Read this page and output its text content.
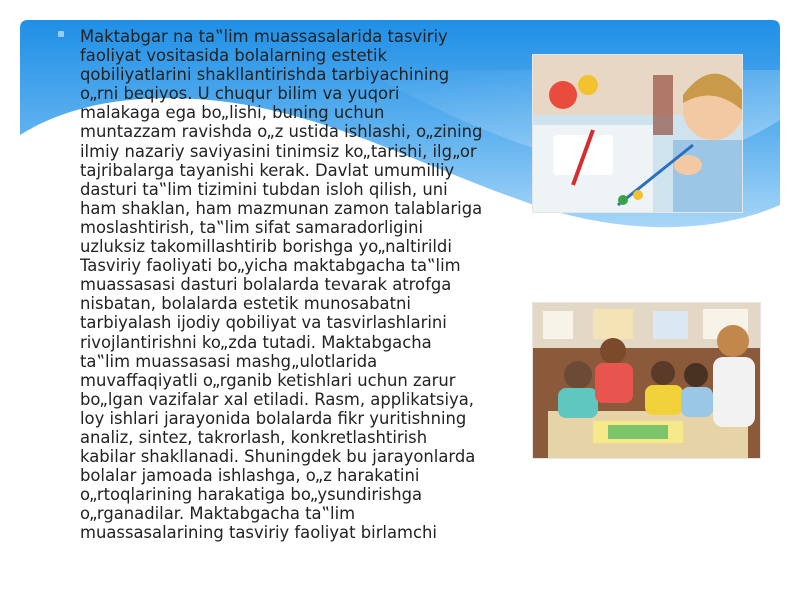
Maktabgar na ta‟lim muassasalarida tasviriy
faoliyat vositasida bolalarning estetik
qobiliyatlarini shakllantirishda tarbiyachining
o„rni beqiyos. U chuqur bilim va yuqori
malakaga ega bo„lishi, buning uchun
muntazzam ravishda o„z ustida ishlashi, o„zining
ilmiy nazariy saviyasini tinimsiz ko„tarishi, ilg„or
tajribalarga tayanishi kerak. Davlat umumilliy
dasturi ta‟lim tizimini tubdan isloh qilish, uni
ham shaklan, ham mazmunan zamon talablariga
moslashtirish, ta‟lim sifat samaradorligini
uzluksiz takomillashtirib borishga yo„naltirildi
Tasviriy faoliyati bo„yicha maktabgacha ta‟lim
muassasasi dasturi bolalarda tevarak atrofga
nisbatan, bolalarda estetik munosabatni
tarbiyalash ijodiy qobiliyat va tasvirlashlarini
rivojlantirishni ko„zda tutadi. Maktabgacha
ta‟lim muassasasi mashg„ulotlarida
muvaffaqiyatli o„rganib ketishlari uchun zarur
bo„lgan vazifalar xal etiladi. Rasm, applikatsiya,
loy ishlari jarayonida bolalarda fikr yuritishning
analiz, sintez, takrorlash, konkretlashtirish
kabilar shakllanadi. Shuningdek bu jarayonlarda
bolalar jamoada ishlashga, o„z harakatini
o„rtoqlarining harakatiga bo„ysundirishga
o„rganadilar. Maktabgacha ta‟lim
muassasalarining tasviriy faoliyat birlamchi
